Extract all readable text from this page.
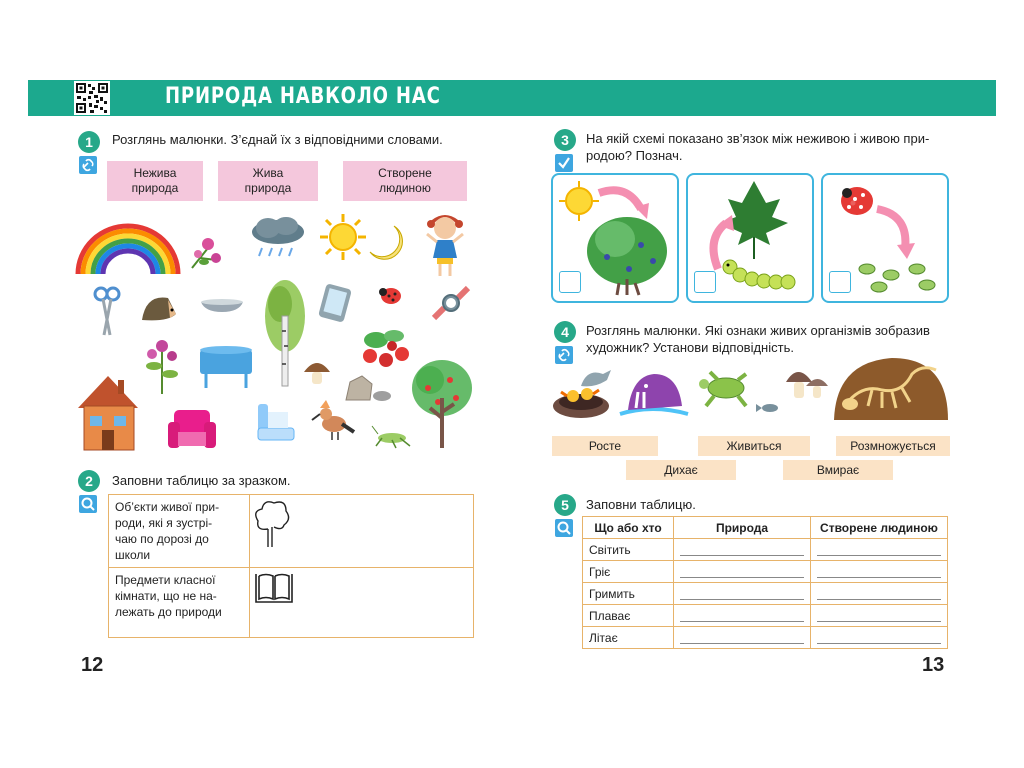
ПРИРОДА НАВКОЛО НАС
1	Розглянь малюнки. З’єднай їх з відповідними словами.
Нежива
природа
Жива
природа
Створене
людиною
2	Заповни таблицю за зразком.
Об’єкти живої при-
роди, які я зустрі-
чаю по дорозі до
школи

Предмети класної
кімнати, що не на-
лежать до природи

12
3	На якій схемі показано зв’язок між неживою і живою при-
родою? Познач.
4	Розглянь малюнки. Які ознаки живих організмів зобразив
художник? Установи відповідність.
Росте	Живиться	Розмножується
Дихає	Вмирає
5	Заповни таблицю.
Що або хто	Природа	Створене людиною
Світить	

Гріє	

Гримить	

Плаває	

Літає	

13
